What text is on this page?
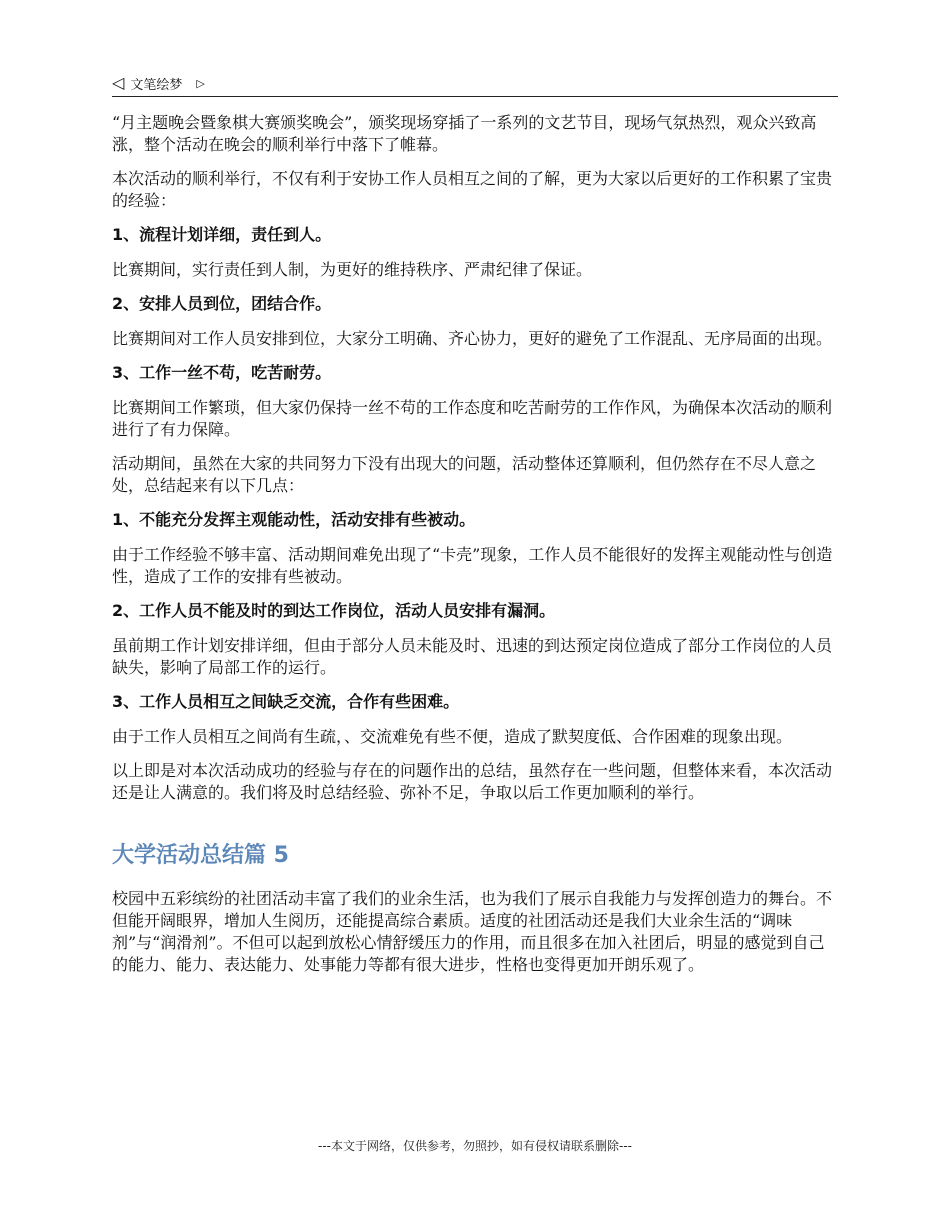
◁ 文笔绘梦 ▷
“月主题晚会暨象棋大赛颁奖晚会”，颁奖现场穿插了一系列的文艺节目，现场气氛热烈，观众兴致高涨，整个活动在晚会的顺利举行中落下了帷幕。
本次活动的顺利举行，不仅有利于安协工作人员相互之间的了解，更为大家以后更好的工作积累了宝贵的经验：
1、流程计划详细，责任到人。
比赛期间，实行责任到人制，为更好的维持秩序、严肃纪律了保证。
2、安排人员到位，团结合作。
比赛期间对工作人员安排到位，大家分工明确、齐心协力，更好的避免了工作混乱、无序局面的出现。
3、工作一丝不苟，吃苦耐劳。
比赛期间工作繁琐，但大家仍保持一丝不苟的工作态度和吃苦耐劳的工作作风，为确保本次活动的顺利进行了有力保障。
活动期间，虽然在大家的共同努力下没有出现大的问题，活动整体还算顺利，但仍然存在不尽人意之处，总结起来有以下几点：
1、不能充分发挥主观能动性，活动安排有些被动。
由于工作经验不够丰富、活动期间难免出现了“卡壳”现象，工作人员不能很好的发挥主观能动性与创造性，造成了工作的安排有些被动。
2、工作人员不能及时的到达工作岗位，活动人员安排有漏洞。
虽前期工作计划安排详细，但由于部分人员未能及时、迅速的到达预定岗位造成了部分工作岗位的人员缺失，影响了局部工作的运行。
3、工作人员相互之间缺乏交流，合作有些困难。
由于工作人员相互之间尚有生疏，、交流难免有些不便，造成了默契度低、合作困难的现象出现。
以上即是对本次活动成功的经验与存在的问题作出的总结，虽然存在一些问题，但整体来看，本次活动还是让人满意的。我们将及时总结经验、弥补不足，争取以后工作更加顺利的举行。
大学活动总结篇 5
校园中五彩缤纷的社团活动丰富了我们的业余生活，也为我们了展示自我能力与发挥创造力的舞台。不但能开阔眼界，增加人生阅历，还能提高综合素质。适度的社团活动还是我们大业余生活的“调味剂”与“润滑剂”。不但可以起到放松心情舒缓压力的作用，而且很多在加入社团后，明显的感觉到自己的能力、能力、表达能力、处事能力等都有很大进步，性格也变得更加开朗乐观了。
---本文于网络，仅供参考，勿照抄，如有侵权请联系删除---
